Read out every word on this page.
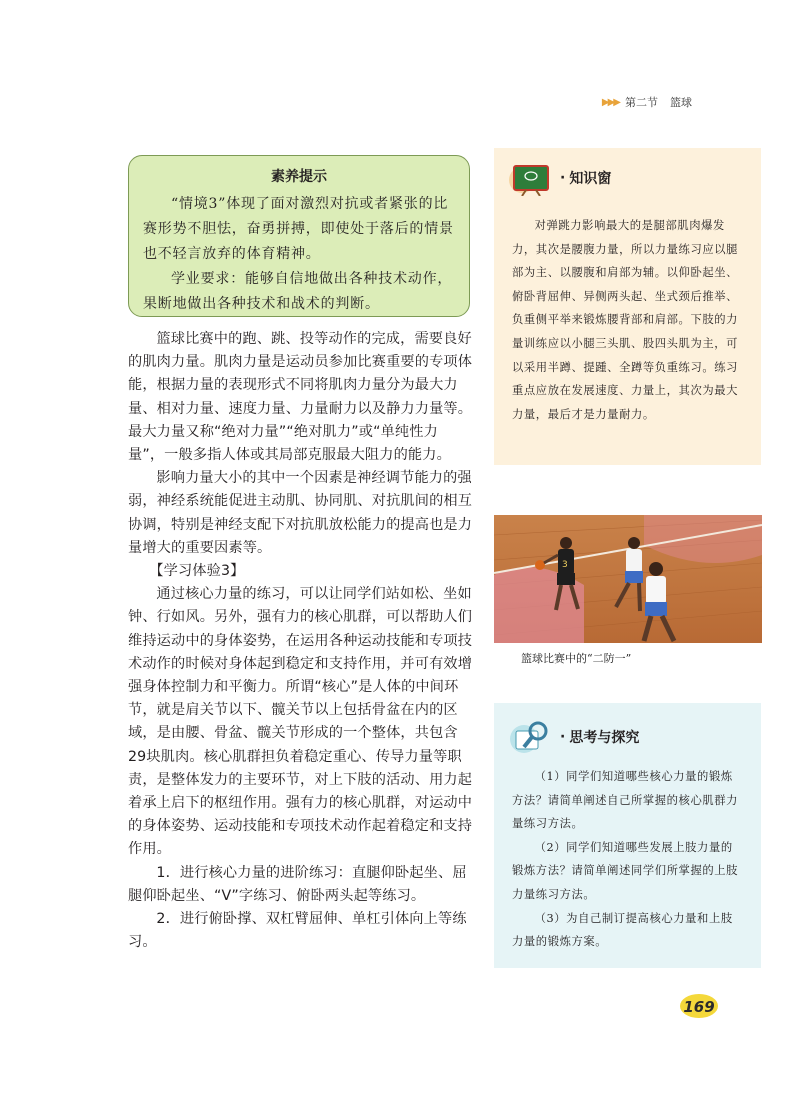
▶▶▶ 第二节 篮球
素养提示

“情境3”体现了面对激烈对抗或者紧张的比赛形势不胆怯，奋勇拼搏，即使处于落后的情景也不轻言放弃的体育精神。

学业要求：能够自信地做出各种技术动作，果断地做出各种技术和战术的判断。

篮球比赛中的跑、跳、投等动作的完成，需要良好的肌肉力量。肌肉力量是运动员参加比赛重要的专项体能，根据力量的表现形式不同将肌肉力量分为最大力量、相对力量、速度力量、力量耐力以及静力力量等。最大力量又称“绝对力量”“绝对肌力”或“单纯性力量”，一般多指人体或其局部克服最大阻力的能力。

影响力量大小的其中一个因素是神经调节能力的强弱，神经系统能促进主动肌、协同肌、对抗肌间的相互协调，特别是神经支配下对抗肌放松能力的提高也是力量增大的重要因素等。

【学习体验3】

通过核心力量的练习，可以让同学们站如松、坐如钟、行如风。另外，强有力的核心肌群，可以帮助人们维持运动中的身体姿势，在运用各种运动技能和专项技术动作的时候对身体起到稳定和支持作用，并可有效增强身体控制力和平衡力。所谓“核心”是人体的中间环节，就是肩关节以下、髋关节以上包括骨盆在内的区域，是由腰、骨盆、髋关节形成的一个整体，共包含29块肌肉。核心肌群担负着稳定重心、传导力量等职责，是整体发力的主要环节，对上下肢的活动、用力起着承上启下的枢纽作用。强有力的核心肌群，对运动中的身体姿势、运动技能和专项技术动作起着稳定和支持作用。

1．进行核心力量的进阶练习：直腿仰卧起坐、屈腿仰卧起坐、“V”字练习、俯卧两头起等练习。

2．进行俯卧撑、双杠臂屈伸、单杠引体向上等练习。

· 知识窗

对弹跳力影响最大的是腿部肌肉爆发力，其次是腰腹力量，所以力量练习应以腿部为主、以腰腹和肩部为辅。以仰卧起坐、俯卧背屈伸、异侧两头起、坐式颈后推举、负重侧平举来锻炼腰背部和肩部。下肢的力量训练应以小腿三头肌、股四头肌为主，可以采用半蹲、提踵、全蹲等负重练习。练习重点应放在发展速度、力量上，其次为最大力量，最后才是力量耐力。

3
篮球比赛中的“二防一”
· 思考与探究

（1）同学们知道哪些核心力量的锻炼方法？请简单阐述自己所掌握的核心肌群力量练习方法。

（2）同学们知道哪些发展上肢力量的锻炼方法？请简单阐述同学们所掌握的上肢力量练习方法。

（3）为自己制订提高核心力量和上肢力量的锻炼方案。

169
